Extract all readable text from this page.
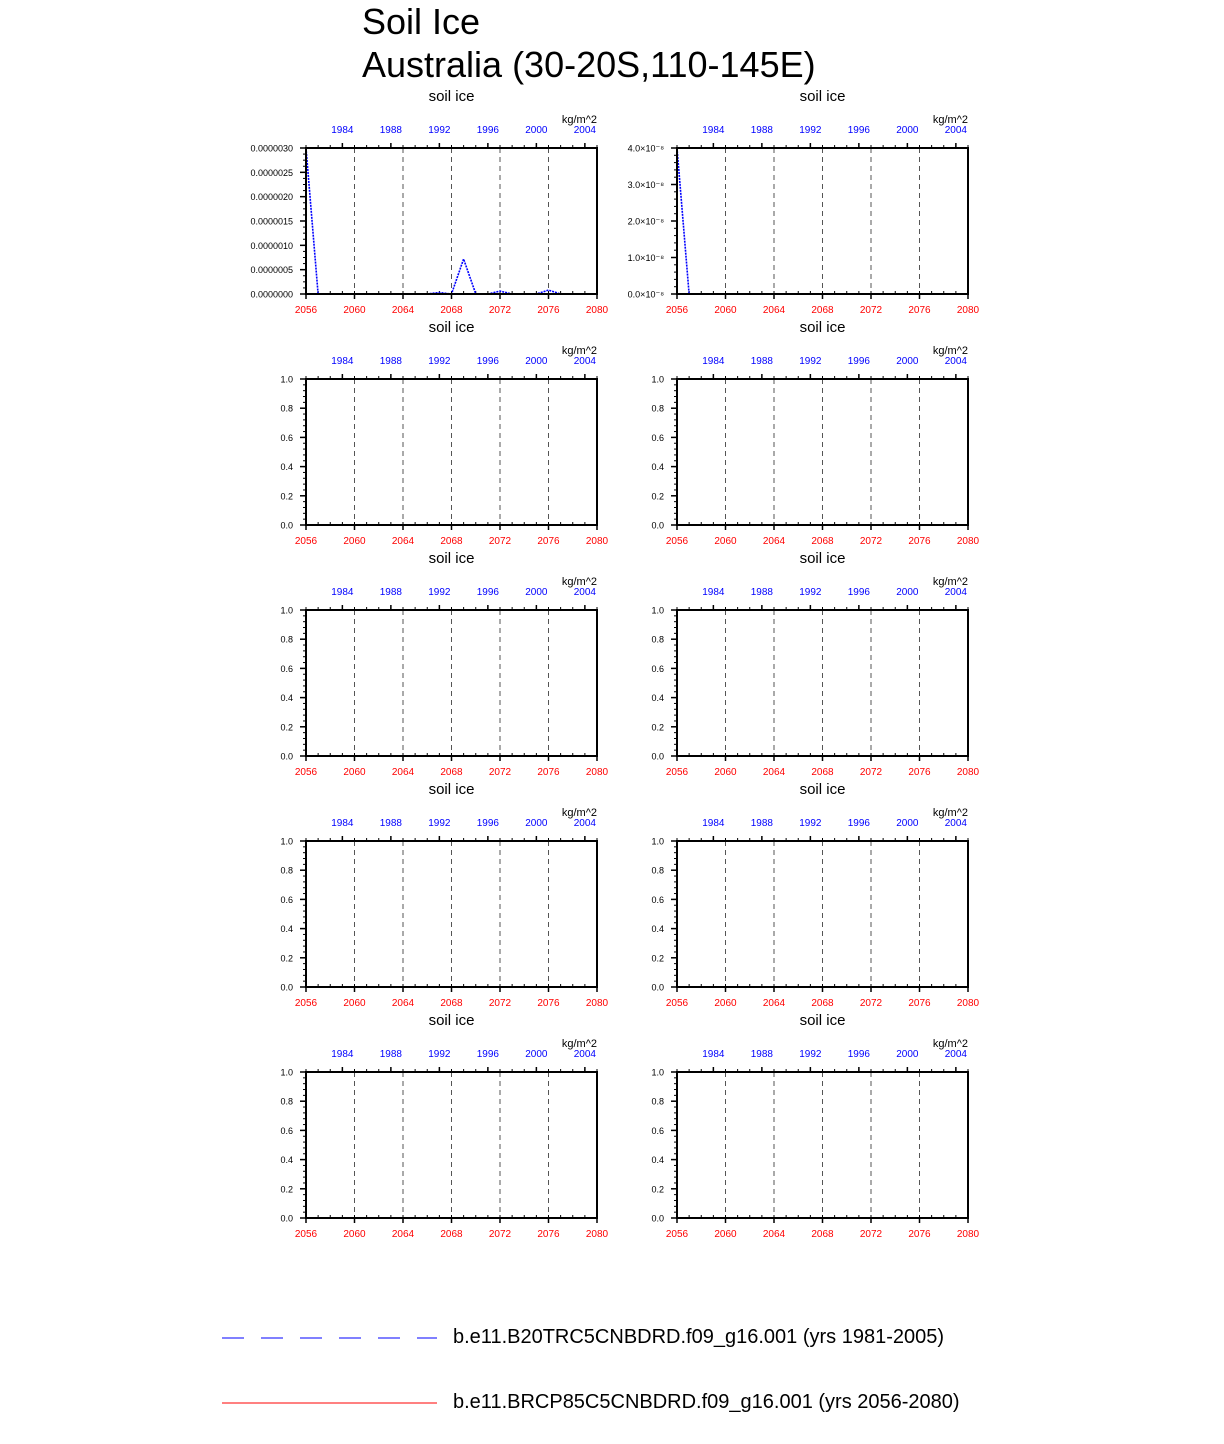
Soil Ice
Australia (30-20S,110-145E)
soil ice
kg/m^2
2056	2060	2064	2068	2072	2076	2080
1984	1988	1992	1996	2000	2004
0.0000000
0.0000005
0.0000010
0.0000015
0.0000020
0.0000025
0.0000030
soil ice
kg/m^2
2056	2060	2064	2068	2072	2076	2080
1984	1988	1992	1996	2000	2004
0.0×10⁻⁸
1.0×10⁻⁸
2.0×10⁻⁸
3.0×10⁻⁸
4.0×10⁻⁸
soil ice
kg/m^2
2056	2060	2064	2068	2072	2076	2080
1984	1988	1992	1996	2000	2004
0.0
0.2
0.4
0.6
0.8
1.0
soil ice
kg/m^2
2056	2060	2064	2068	2072	2076	2080
1984	1988	1992	1996	2000	2004
0.0
0.2
0.4
0.6
0.8
1.0
soil ice
kg/m^2
2056	2060	2064	2068	2072	2076	2080
1984	1988	1992	1996	2000	2004
0.0
0.2
0.4
0.6
0.8
1.0
soil ice
kg/m^2
2056	2060	2064	2068	2072	2076	2080
1984	1988	1992	1996	2000	2004
0.0
0.2
0.4
0.6
0.8
1.0
soil ice
kg/m^2
2056	2060	2064	2068	2072	2076	2080
1984	1988	1992	1996	2000	2004
0.0
0.2
0.4
0.6
0.8
1.0
soil ice
kg/m^2
2056	2060	2064	2068	2072	2076	2080
1984	1988	1992	1996	2000	2004
0.0
0.2
0.4
0.6
0.8
1.0
soil ice
kg/m^2
2056	2060	2064	2068	2072	2076	2080
1984	1988	1992	1996	2000	2004
0.0
0.2
0.4
0.6
0.8
1.0
soil ice
kg/m^2
2056	2060	2064	2068	2072	2076	2080
1984	1988	1992	1996	2000	2004
0.0
0.2
0.4
0.6
0.8
1.0
b.e11.B20TRC5CNBDRD.f09_g16.001 (yrs 1981-2005)
b.e11.BRCP85C5CNBDRD.f09_g16.001 (yrs 2056-2080)
